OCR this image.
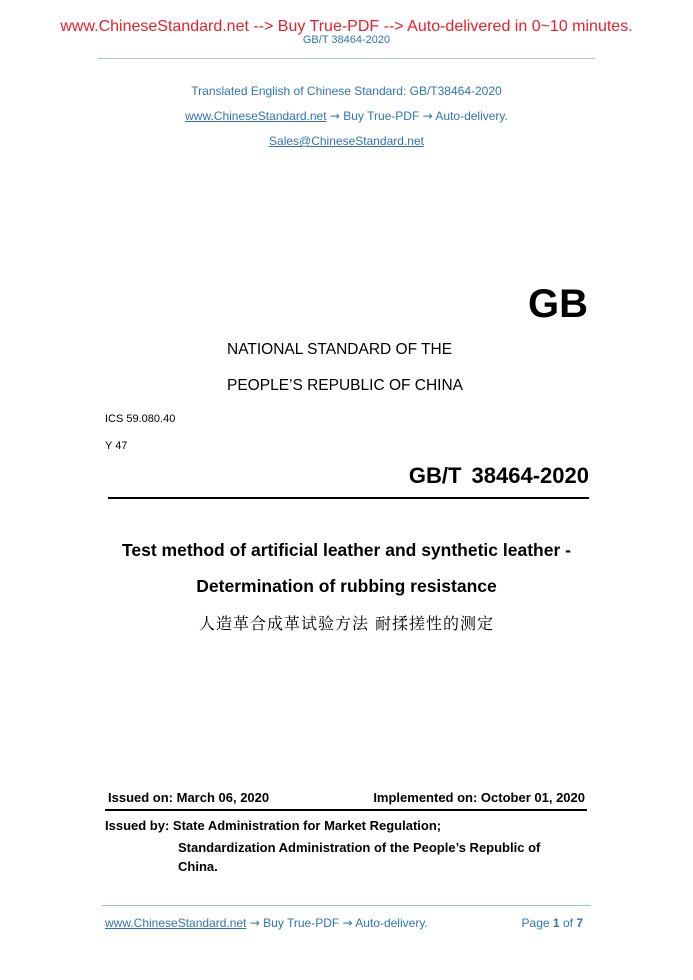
www.ChineseStandard.net --> Buy True-PDF --> Auto-delivered in 0~10 minutes.
GB/T 38464-2020
Translated English of Chinese Standard: GB/T38464-2020
www.ChineseStandard.net → Buy True-PDF → Auto-delivery.
Sales@ChineseStandard.net
GB
NATIONAL STANDARD OF THE
PEOPLE’S REPUBLIC OF CHINA
ICS 59.080.40
Y 47
GB/T 38464-2020
Test method of artificial leather and synthetic leather -
Determination of rubbing resistance
人造革合成革试验方法 耐揉搓性的测定
Issued on: March 06, 2020	Implemented on: October 01, 2020
Issued by: State Administration for Market Regulation;
Standardization Administration of the People’s Republic of
China.
www.ChineseStandard.net → Buy True-PDF → Auto-delivery.	Page 1 of 7
